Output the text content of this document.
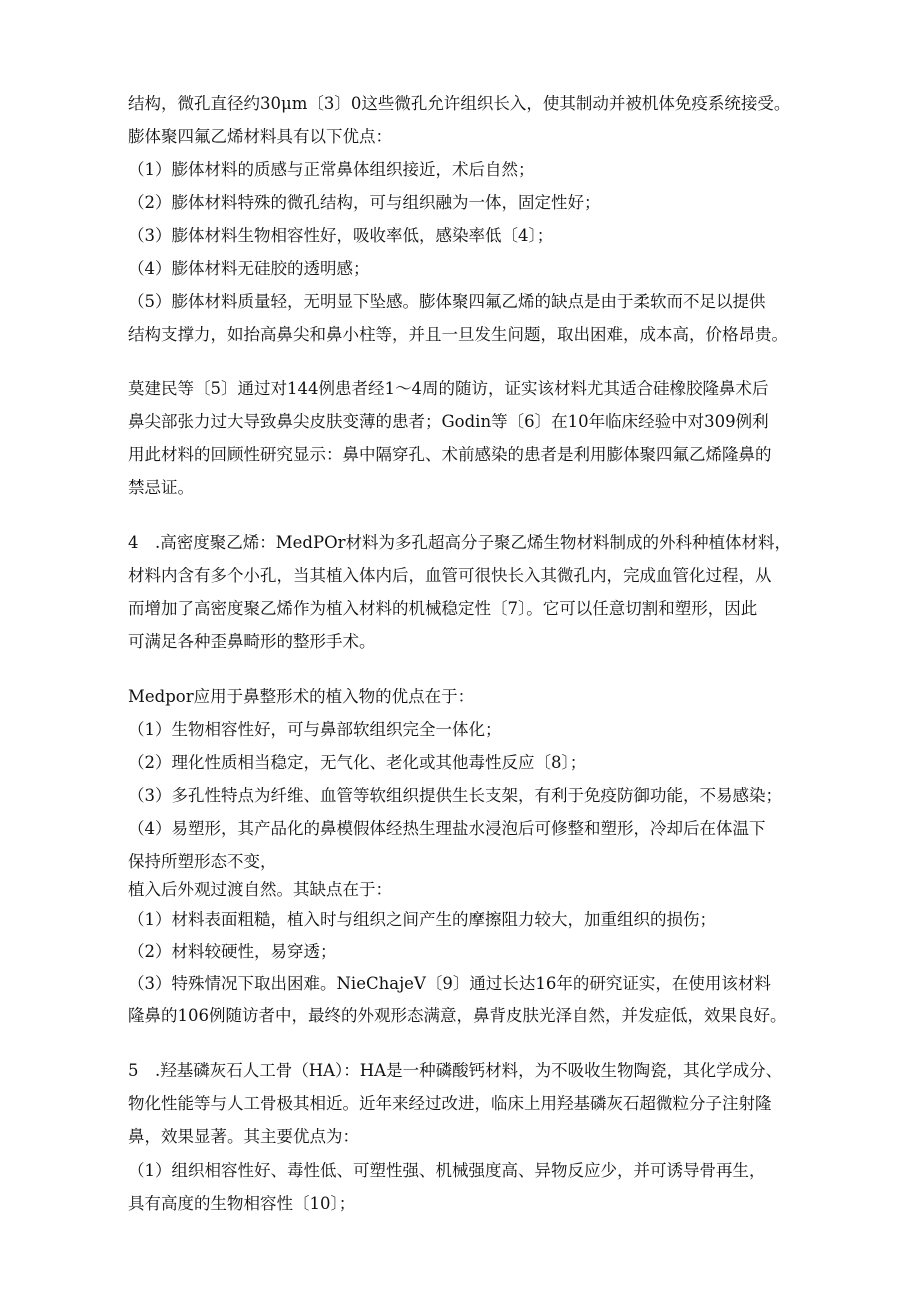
结构，微孔直径约30μm〔3〕0这些微孔允许组织长入，使其制动并被机体免疫系统接受。
膨体聚四氟乙烯材料具有以下优点：
（1）膨体材料的质感与正常鼻体组织接近，术后自然；
（2）膨体材料特殊的微孔结构，可与组织融为一体，固定性好；
（3）膨体材料生物相容性好，吸收率低，感染率低〔4〕；
（4）膨体材料无硅胶的透明感；
（5）膨体材料质量轻，无明显下坠感。膨体聚四氟乙烯的缺点是由于柔软而不足以提供
结构支撑力，如抬高鼻尖和鼻小柱等，并且一旦发生问题，取出困难，成本高，价格昂贵。
莫建民等〔5〕通过对144例患者经1～4周的随访，证实该材料尤其适合硅橡胶隆鼻术后
鼻尖部张力过大导致鼻尖皮肤变薄的患者；Godin等〔6〕在10年临床经验中对309例利
用此材料的回顾性研究显示：鼻中隔穿孔、术前感染的患者是利用膨体聚四氟乙烯隆鼻的
禁忌证。
4　.高密度聚乙烯：MedPOr材料为多孔超高分子聚乙烯生物材料制成的外科种植体材料，
材料内含有多个小孔，当其植入体内后，血管可很快长入其微孔内，完成血管化过程，从
而增加了高密度聚乙烯作为植入材料的机械稳定性〔7〕。它可以任意切割和塑形，因此
可满足各种歪鼻畸形的整形手术。
Medpor应用于鼻整形术的植入物的优点在于：
（1）生物相容性好，可与鼻部软组织完全一体化；
（2）理化性质相当稳定，无气化、老化或其他毒性反应〔8〕；
（3）多孔性特点为纤维、血管等软组织提供生长支架，有利于免疫防御功能，不易感染；
（4）易塑形，其产品化的鼻模假体经热生理盐水浸泡后可修整和塑形，冷却后在体温下
保持所塑形态不变，
植入后外观过渡自然。其缺点在于：
（1）材料表面粗糙，植入时与组织之间产生的摩擦阻力较大，加重组织的损伤；
（2）材料较硬性，易穿透；
（3）特殊情况下取出困难。NieChajeV〔9〕通过长达16年的研究证实，在使用该材料
隆鼻的106例随访者中，最终的外观形态满意，鼻背皮肤光泽自然，并发症低，效果良好。
5　.羟基磷灰石人工骨（HA）：HA是一种磷酸钙材料，为不吸收生物陶瓷，其化学成分、
物化性能等与人工骨极其相近。近年来经过改进，临床上用羟基磷灰石超微粒分子注射隆
鼻，效果显著。其主要优点为：
（1）组织相容性好、毒性低、可塑性强、机械强度高、异物反应少，并可诱导骨再生，
具有高度的生物相容性〔10〕；
